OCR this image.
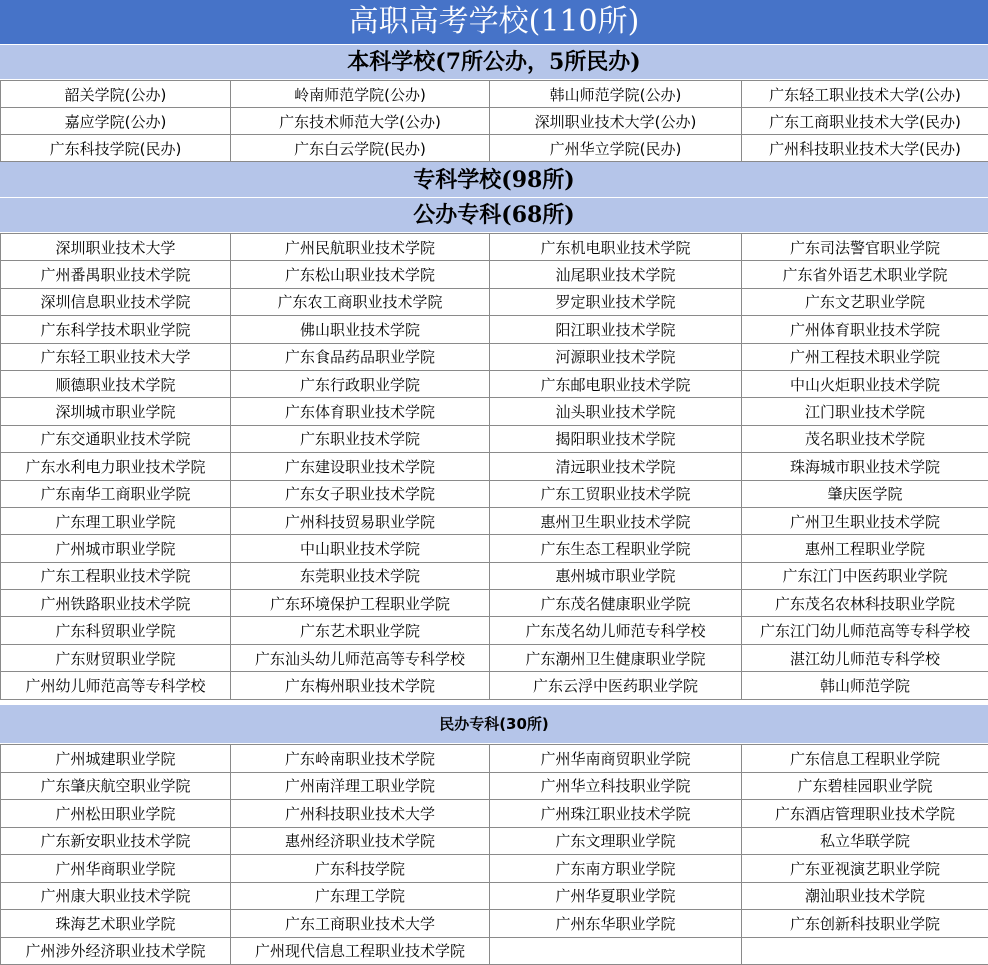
高职高考学校(110所)
本科学校(7所公办，5所民办)
韶关学院(公办)	岭南师范学院(公办)	韩山师范学院(公办)	广东轻工职业技术大学(公办)
嘉应学院(公办)	广东技术师范大学(公办)	深圳职业技术大学(公办)	广东工商职业技术大学(民办)
广东科技学院(民办)	广东白云学院(民办)	广州华立学院(民办)	广州科技职业技术大学(民办)
专科学校(98所)
公办专科(68所)
深圳职业技术大学	广州民航职业技术学院	广东机电职业技术学院	广东司法警官职业学院
广州番禺职业技术学院	广东松山职业技术学院	汕尾职业技术学院	广东省外语艺术职业学院
深圳信息职业技术学院	广东农工商职业技术学院	罗定职业技术学院	广东文艺职业学院
广东科学技术职业学院	佛山职业技术学院	阳江职业技术学院	广州体育职业技术学院
广东轻工职业技术大学	广东食品药品职业学院	河源职业技术学院	广州工程技术职业学院
顺德职业技术学院	广东行政职业学院	广东邮电职业技术学院	中山火炬职业技术学院
深圳城市职业学院	广东体育职业技术学院	汕头职业技术学院	江门职业技术学院
广东交通职业技术学院	广东职业技术学院	揭阳职业技术学院	茂名职业技术学院
广东水利电力职业技术学院	广东建设职业技术学院	清远职业技术学院	珠海城市职业技术学院
广东南华工商职业学院	广东女子职业技术学院	广东工贸职业技术学院	肇庆医学院
广东理工职业学院	广州科技贸易职业学院	惠州卫生职业技术学院	广州卫生职业技术学院
广州城市职业学院	中山职业技术学院	广东生态工程职业学院	惠州工程职业学院
广东工程职业技术学院	东莞职业技术学院	惠州城市职业学院	广东江门中医药职业学院
广州铁路职业技术学院	广东环境保护工程职业学院	广东茂名健康职业学院	广东茂名农林科技职业学院
广东科贸职业学院	广东艺术职业学院	广东茂名幼儿师范专科学校	广东江门幼儿师范高等专科学校
广东财贸职业学院	广东汕头幼儿师范高等专科学校	广东潮州卫生健康职业学院	湛江幼儿师范专科学校
广州幼儿师范高等专科学校	广东梅州职业技术学院	广东云浮中医药职业学院	韩山师范学院
民办专科(30所)
广州城建职业学院	广东岭南职业技术学院	广州华南商贸职业学院	广东信息工程职业学院
广东肇庆航空职业学院	广州南洋理工职业学院	广州华立科技职业学院	广东碧桂园职业学院
广州松田职业学院	广州科技职业技术大学	广州珠江职业技术学院	广东酒店管理职业技术学院
广东新安职业技术学院	惠州经济职业技术学院	广东文理职业学院	私立华联学院
广州华商职业学院	广东科技学院	广东南方职业学院	广东亚视演艺职业学院
广州康大职业技术学院	广东理工学院	广州华夏职业学院	潮汕职业技术学院
珠海艺术职业学院	广东工商职业技术大学	广州东华职业学院	广东创新科技职业学院
广州涉外经济职业技术学院	广州现代信息工程职业技术学院		
